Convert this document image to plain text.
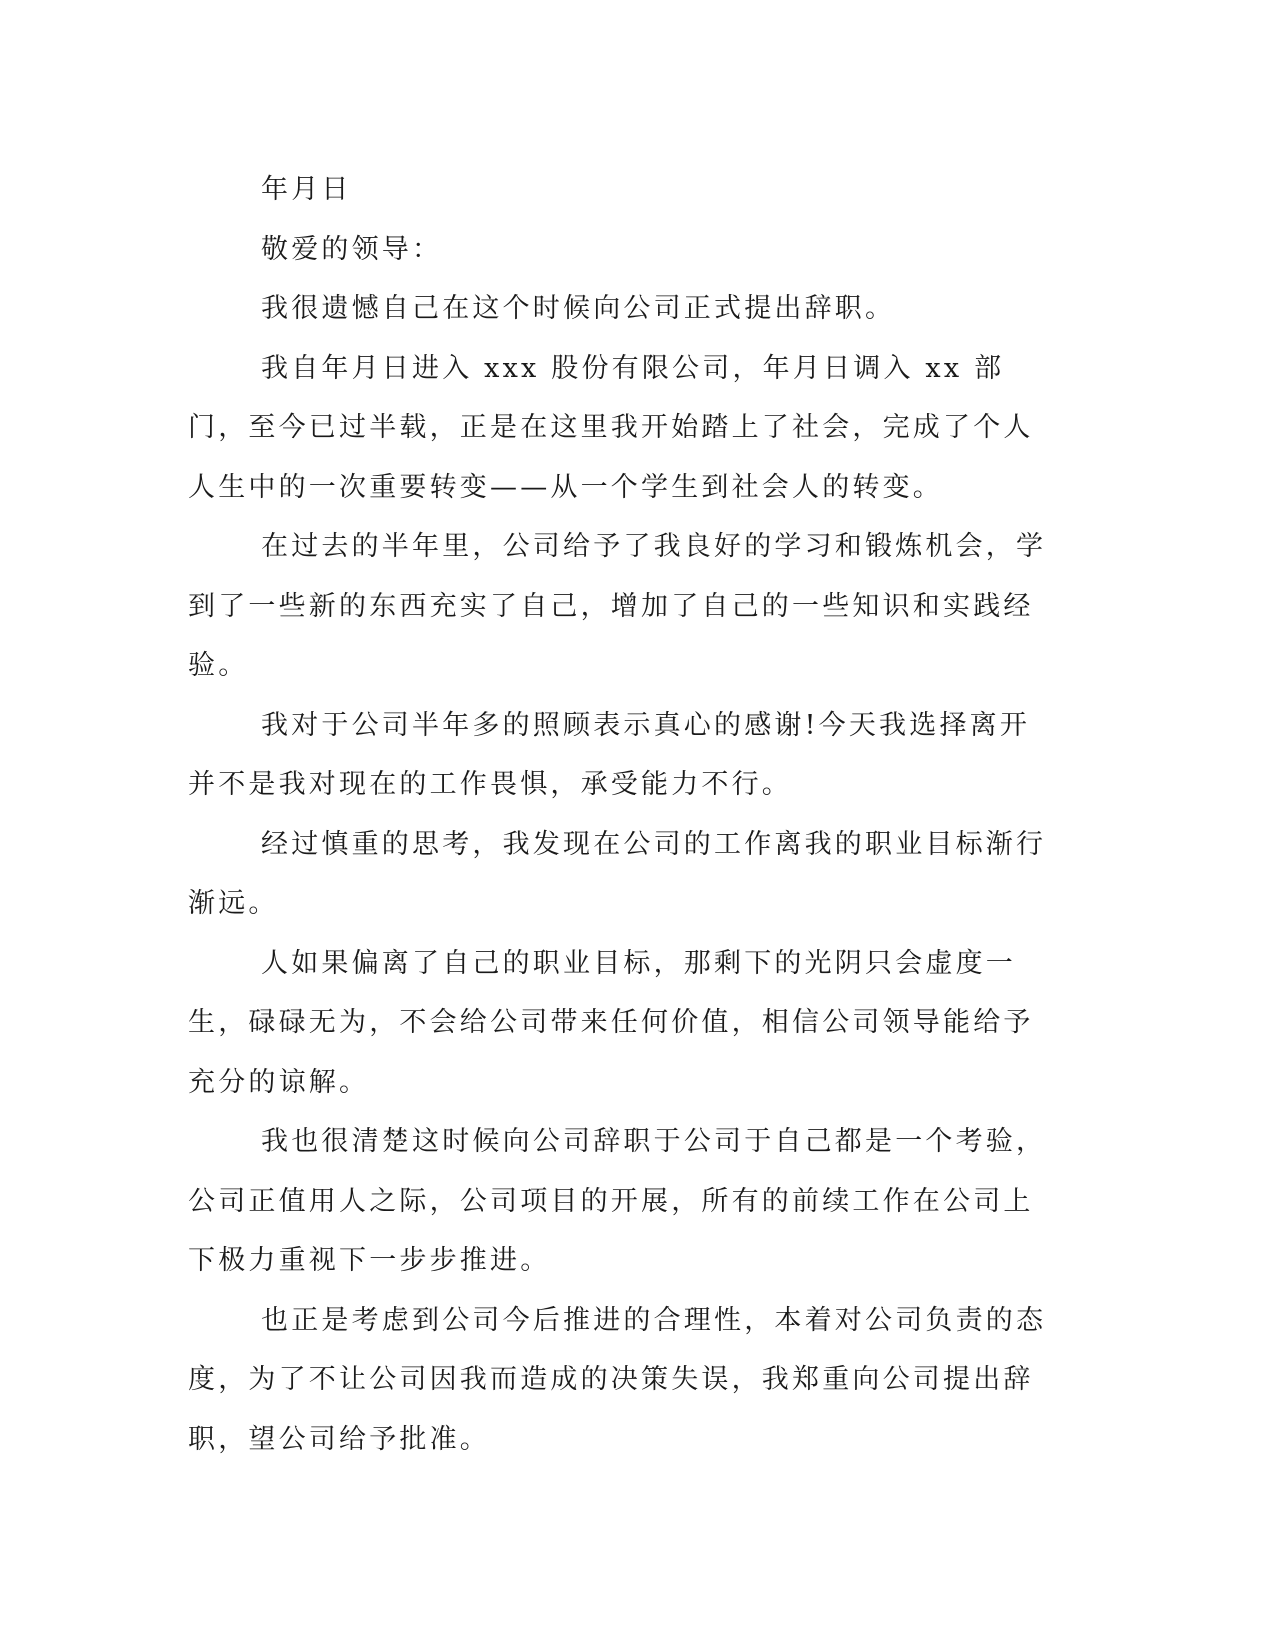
年月日

敬爱的领导：

我很遗憾自己在这个时候向公司正式提出辞职。

我自年月日进入 xxx 股份有限公司，年月日调入 xx 部门，至今已过半载，正是在这里我开始踏上了社会，完成了个人人生中的一次重要转变——从一个学生到社会人的转变。

在过去的半年里，公司给予了我良好的学习和锻炼机会，学到了一些新的东西充实了自己，增加了自己的一些知识和实践经验。

我对于公司半年多的照顾表示真心的感谢!今天我选择离开并不是我对现在的工作畏惧，承受能力不行。

经过慎重的思考，我发现在公司的工作离我的职业目标渐行渐远。

人如果偏离了自己的职业目标，那剩下的光阴只会虚度一生，碌碌无为，不会给公司带来任何价值，相信公司领导能给予充分的谅解。

我也很清楚这时候向公司辞职于公司于自己都是一个考验，公司正值用人之际，公司项目的开展，所有的前续工作在公司上下极力重视下一步步推进。

也正是考虑到公司今后推进的合理性，本着对公司负责的态度，为了不让公司因我而造成的决策失误，我郑重向公司提出辞职，望公司给予批准。
